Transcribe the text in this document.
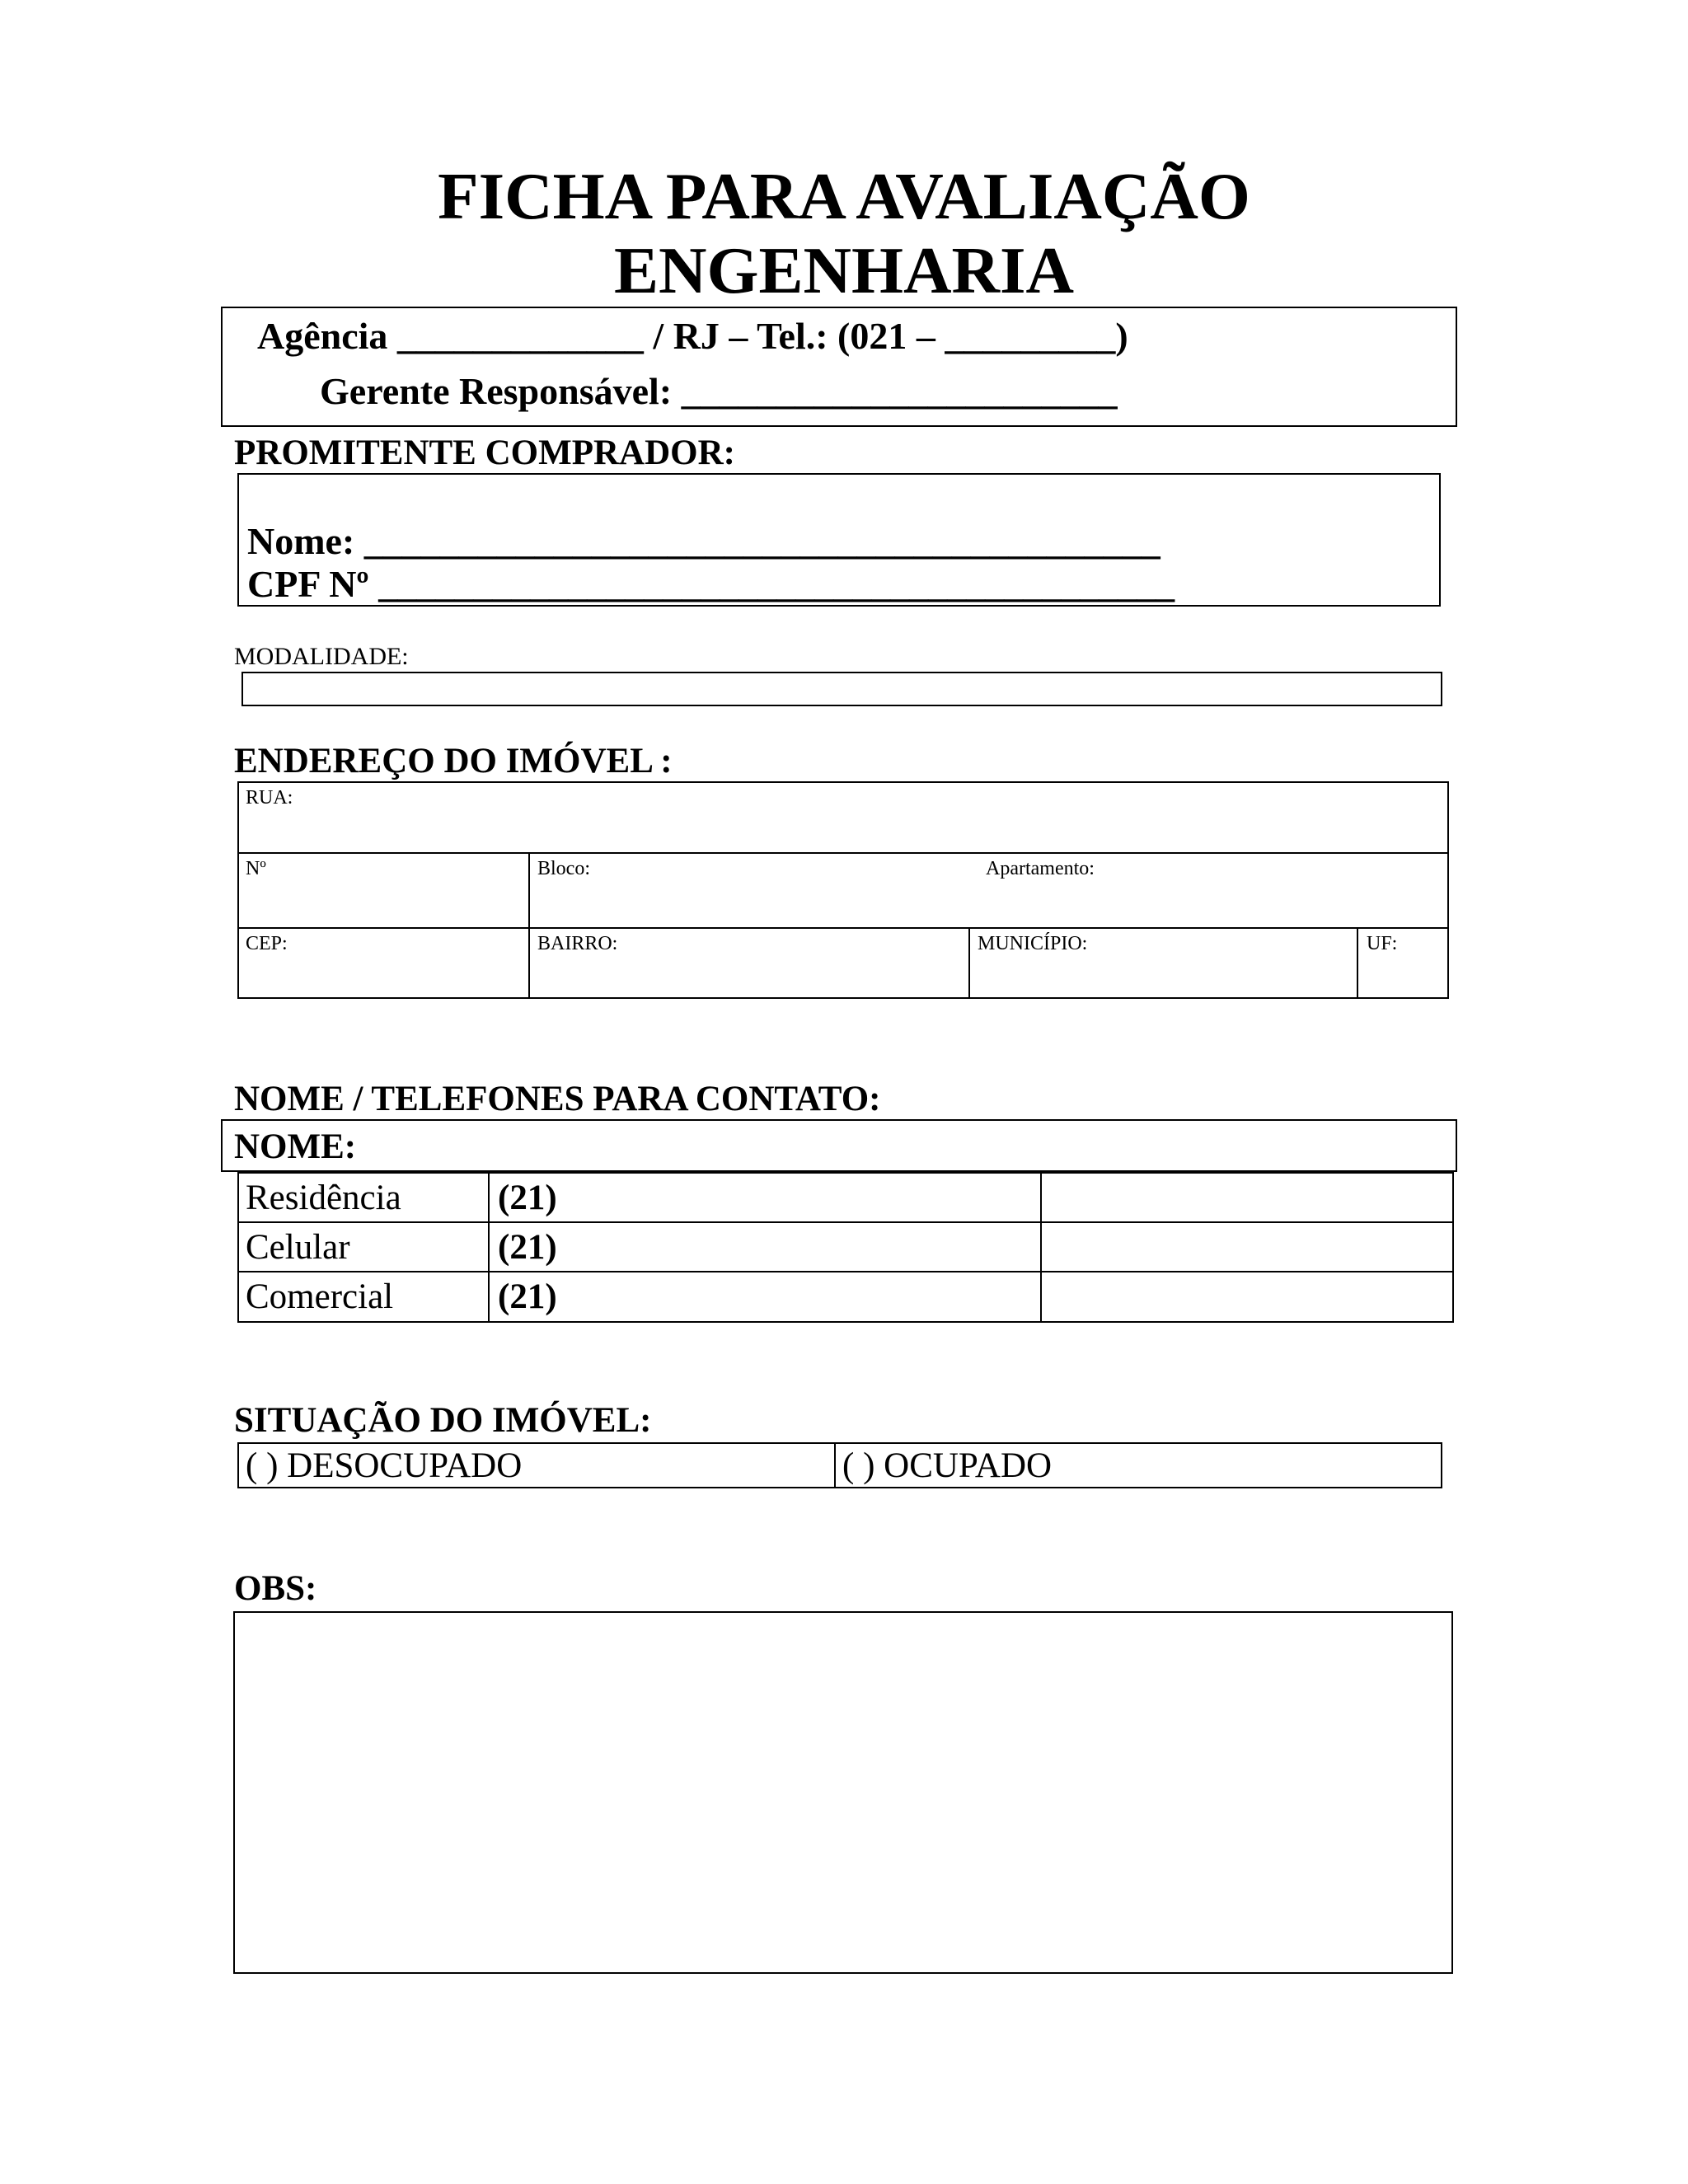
FICHA PARA AVALIAÇÃO
ENGENHARIA
Agência _____________ / RJ – Tel.: (021 – _________)
Gerente Responsável: _______________________
PROMITENTE COMPRADOR:
Nome: __________________________________________
CPF Nº __________________________________________
MODALIDADE:
ENDEREÇO DO IMÓVEL :
RUA:
Nº	Bloco:	Apartamento:
CEP:	BAIRRO:	MUNICÍPIO:	UF:
NOME / TELEFONES PARA CONTATO:
NOME:
Residência	(21)
Celular	(21)
Comercial	(21)
SITUAÇÃO DO IMÓVEL:
( ) DESOCUPADO	( ) OCUPADO
OBS:
